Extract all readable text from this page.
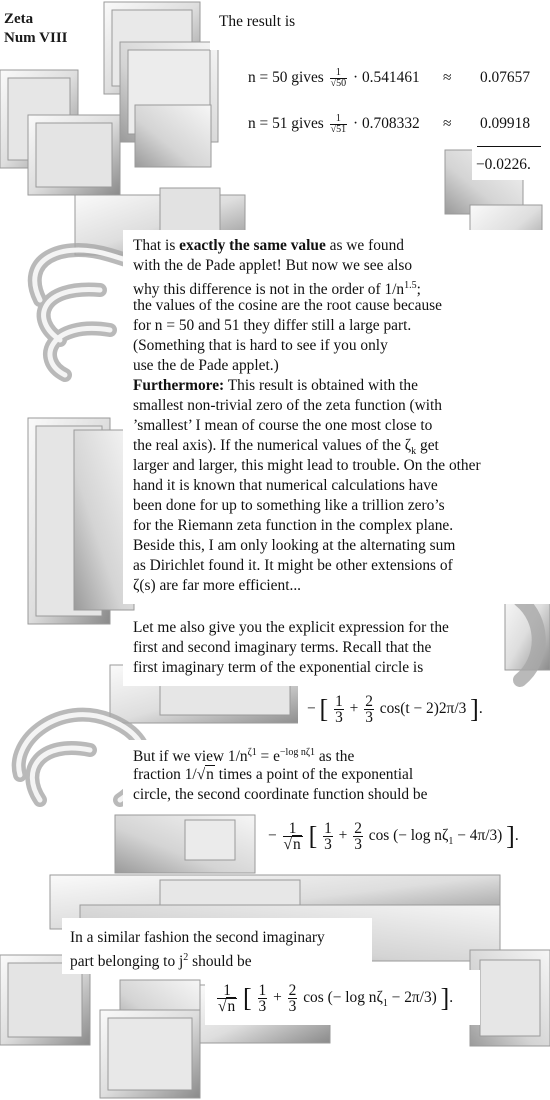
Zeta
Num VIII
The result is
n = 50 gives $\frac{1}{√50} \cdot 0.541461 \approx 0.07657$
n = 51 gives $\frac{1}{√51} \cdot 0.708332 \approx 0.09918$
−0.0226.
That is exactly the same value as we found
with the de Pade applet! But now we see also
why this difference is not in the order of $1/n^{1.5}$;
the values of the cosine are the root cause because
for n = 50 and 51 they differ still a large part.
(Something that is hard to see if you only
use the de Pade applet.)
Furthermore: This result is obtained with the
smallest non-trivial zero of the zeta function (with
’smallest’ I mean of course the one most close to
the real axis). If the numerical values of the $\zeta_k$ get
larger and larger, this might lead to trouble. On the other
hand it is known that numerical calculations have
been done for up to something like a trillion zero’s
for the Riemann zeta function in the complex plane.
Beside this, I am only looking at the alternating sum
as Dirichlet found it. It might be other extensions of
ζ(s) are far more efficient...
Let me also give you the explicit expression for the
first and second imaginary terms. Recall that the
first imaginary term of the exponential circle is
− [ $\frac{1}{3} + \frac{2}{3} \cos(t - 2)2\pi/3$ ].
But if we view $1/n^{\zeta 1} = e^{-log n\zeta 1}$ as the
fraction 1/√n times a point of the exponential
circle, the second coordinate function should be
− $\frac{1}{√n}$ [ $\frac{1}{3} + \frac{2}{3}$ cos (− $\log n\zeta_1 - 4\pi/3$) ].
In a similar fashion the second imaginary
part belonging to $j^2$ should be
$\frac{1}{√n}$ [ $\frac{1}{3} + \frac{2}{3}$ cos (− $\log n\zeta_1 - 2\pi/3$) ].
